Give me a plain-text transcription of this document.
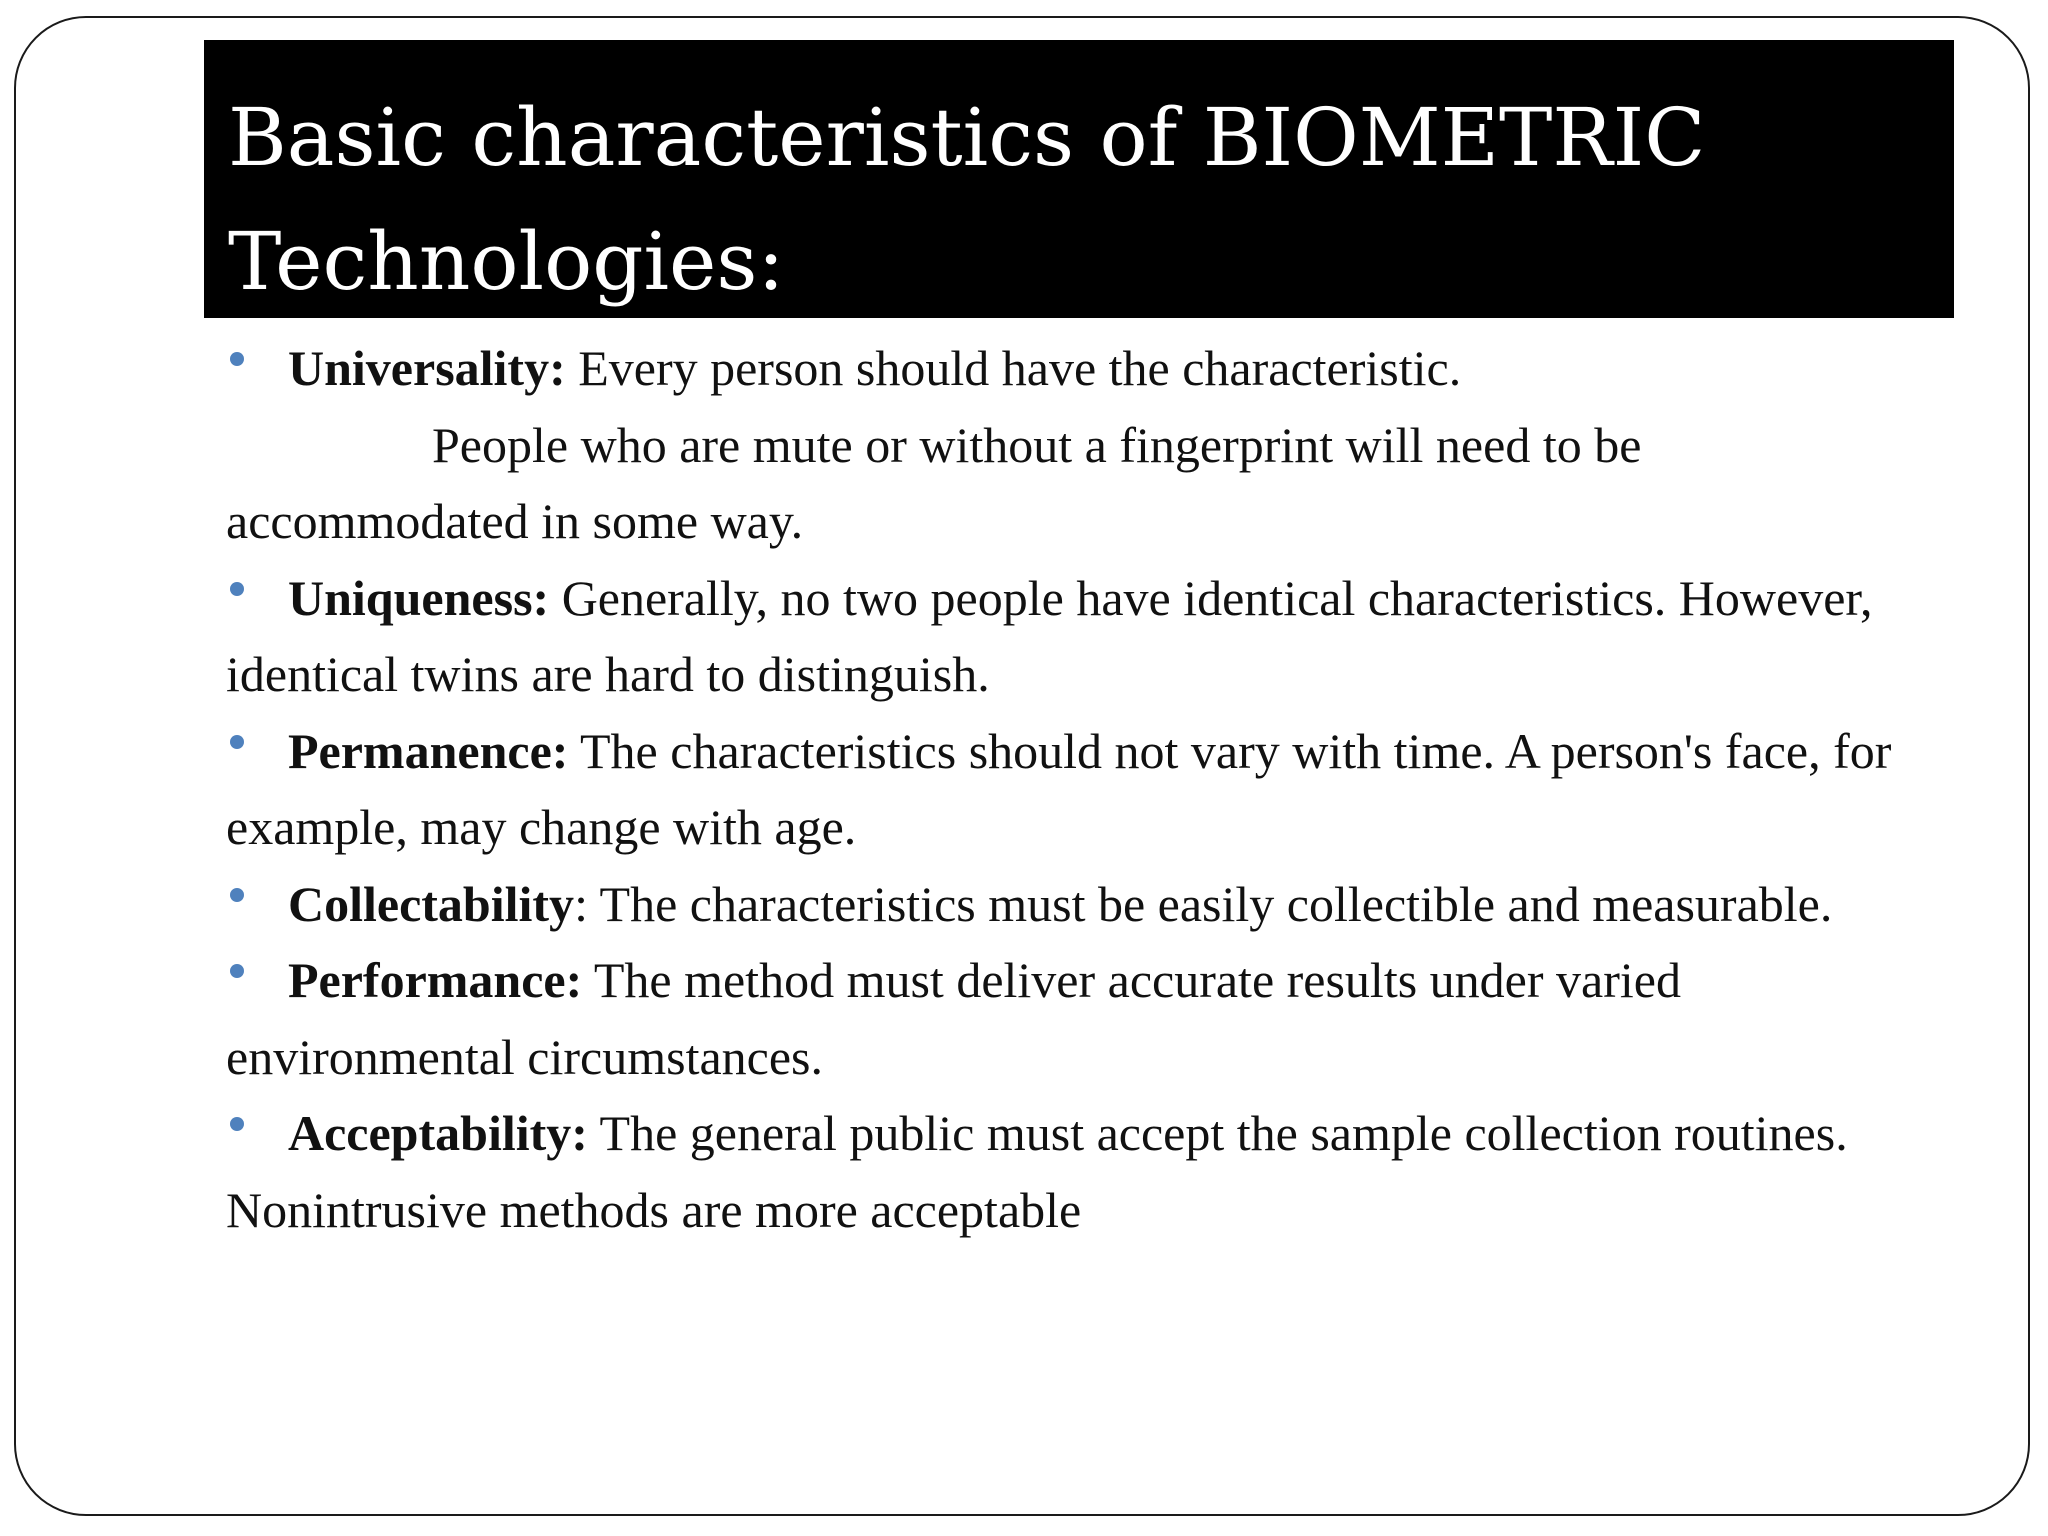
Basic characteristics of BIOMETRIC Technologies:

Universality: Every person should have the characteristic.
People who are mute or without a fingerprint will need to be
accommodated in some way.

Uniqueness: Generally, no two people have identical characteristics. However, identical twins are hard to distinguish.

Permanence: The characteristics should not vary with time. A person's face, for example, may change with age.

Collectability: The characteristics must be easily collectible and measurable.

Performance: The method must deliver accurate results under varied environmental circumstances.

Acceptability: The general public must accept the sample collection routines. Nonintrusive methods are more acceptable
